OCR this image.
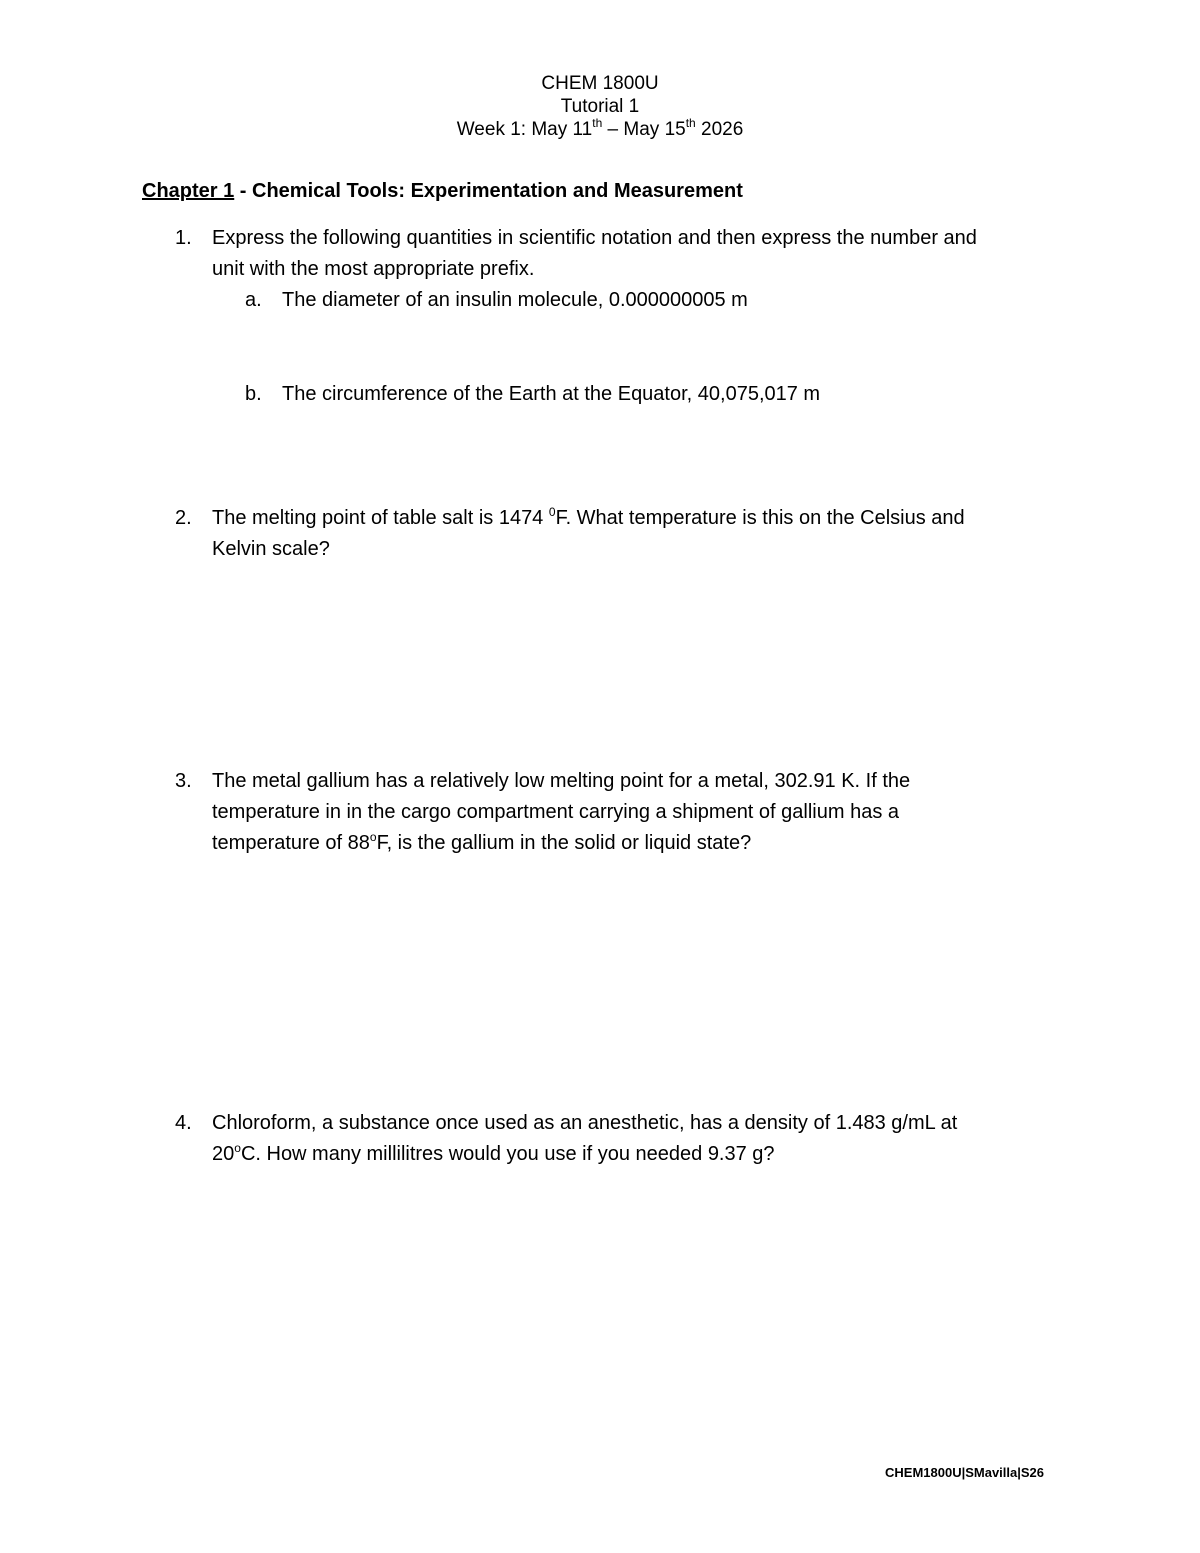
CHEM 1800U
Tutorial 1
Week 1: May 11th – May 15th 2026
Chapter 1 - Chemical Tools: Experimentation and Measurement
1. Express the following quantities in scientific notation and then express the number and
unit with the most appropriate prefix.
a. The diameter of an insulin molecule, 0.000000005 m
b. The circumference of the Earth at the Equator, 40,075,017 m
2. The melting point of table salt is 1474 $^0$F. What temperature is this on the Celsius and
Kelvin scale?
3. The metal gallium has a relatively low melting point for a metal, 302.91 K. If the
temperature in in the cargo compartment carrying a shipment of gallium has a
temperature of 88$^o$F, is the gallium in the solid or liquid state?
4. Chloroform, a substance once used as an anesthetic, has a density of 1.483 g/mL at
20$^o$C. How many millilitres would you use if you needed 9.37 g?
CHEM1800U|SMavilla|S26
